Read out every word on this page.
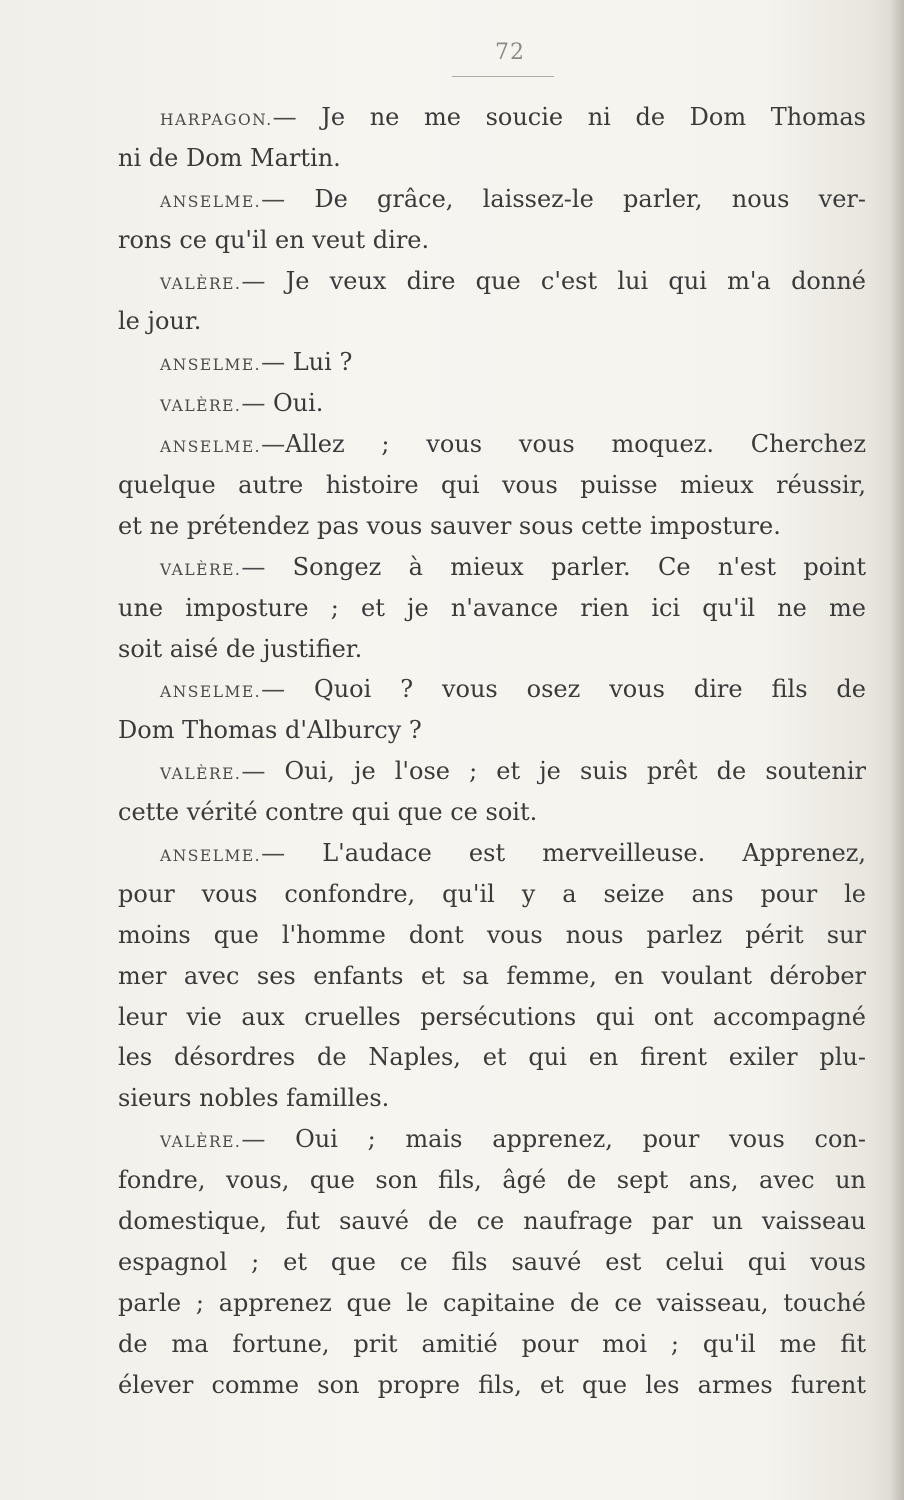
72
HARPAGON.— Je ne me soucie ni de Dom Thomas
ni de Dom Martin.
ANSELME.— De grâce, laissez-le parler, nous ver-
rons ce qu'il en veut dire.
VALÈRE.— Je veux dire que c'est lui qui m'a donné
le jour.
ANSELME.— Lui ?
VALÈRE.— Oui.
ANSELME.—Allez ; vous vous moquez. Cherchez
quelque autre histoire qui vous puisse mieux réussir,
et ne prétendez pas vous sauver sous cette imposture.
VALÈRE.— Songez à mieux parler. Ce n'est point
une imposture ; et je n'avance rien ici qu'il ne me
soit aisé de justifier.
ANSELME.— Quoi ? vous osez vous dire fils de
Dom Thomas d'Alburcy ?
VALÈRE.— Oui, je l'ose ; et je suis prêt de soutenir
cette vérité contre qui que ce soit.
ANSELME.— L'audace est merveilleuse. Apprenez,
pour vous confondre, qu'il y a seize ans pour le
moins que l'homme dont vous nous parlez périt sur
mer avec ses enfants et sa femme, en voulant dérober
leur vie aux cruelles persécutions qui ont accompagné
les désordres de Naples, et qui en firent exiler plu-
sieurs nobles familles.
VALÈRE.— Oui ; mais apprenez, pour vous con-
fondre, vous, que son fils, âgé de sept ans, avec un
domestique, fut sauvé de ce naufrage par un vaisseau
espagnol ; et que ce fils sauvé est celui qui vous
parle ; apprenez que le capitaine de ce vaisseau, touché
de ma fortune, prit amitié pour moi ; qu'il me fit
élever comme son propre fils, et que les armes furent
